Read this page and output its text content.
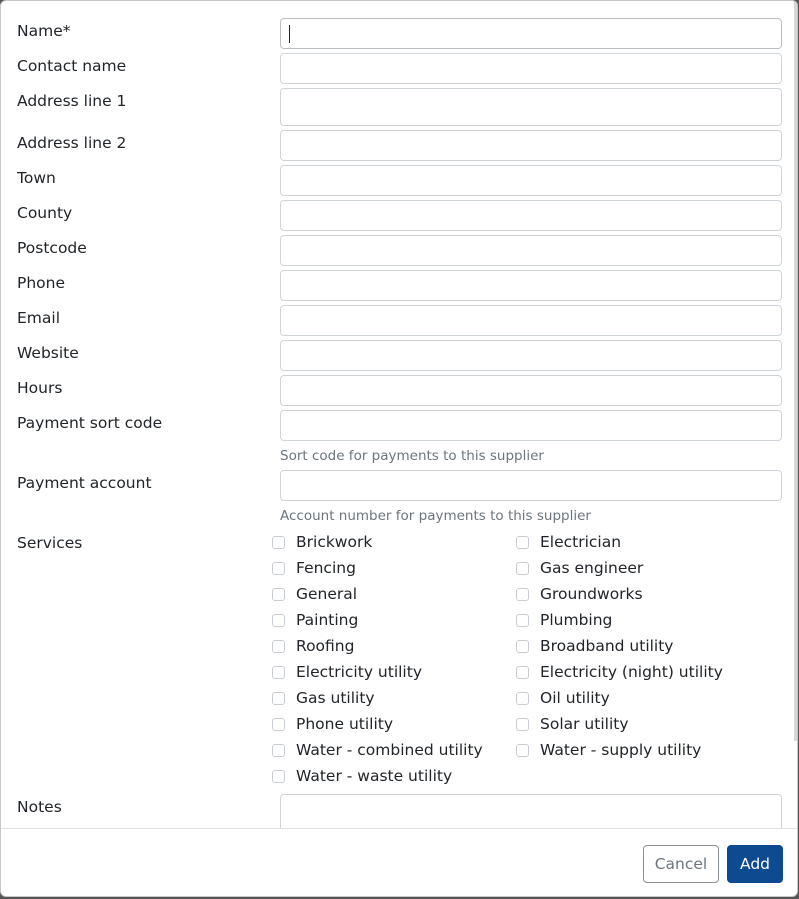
Name*
Contact name
Address line 1
Address line 2
Town
County
Postcode
Phone
Email
Website
Hours
Payment sort code
Sort code for payments to this supplier
Payment account
Account number for payments to this supplier
Services	Brickwork	Electrician
Fencing	Gas engineer
General	Groundworks
Painting	Plumbing
Roofing	Broadband utility
Electricity utility	Electricity (night) utility
Gas utility	Oil utility
Phone utility	Solar utility
Water - combined utility	Water - supply utility
Water - waste utility
Notes
Cancel	Add
